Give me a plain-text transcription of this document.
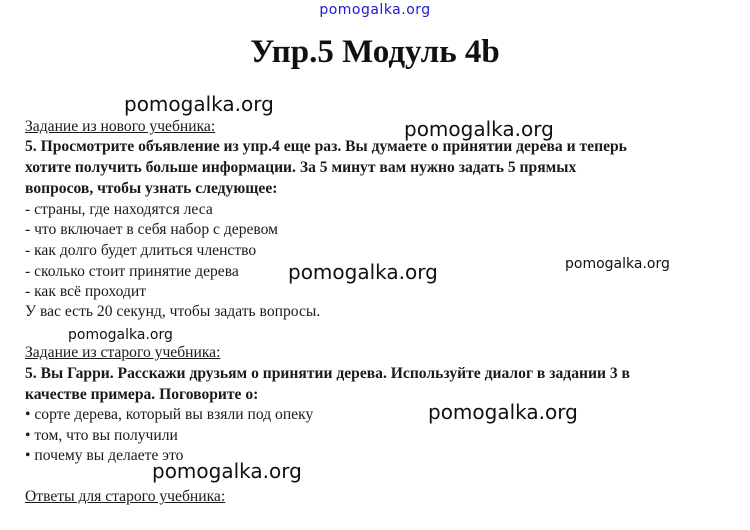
pomogalka.org
Упр.5 Модуль 4b
Задание из нового учебника:
5. Просмотрите объявление из упр.4 еще раз. Вы думаете о принятии дерева и теперь
хотите получить больше информации. За 5 минут вам нужно задать 5 прямых
вопросов, чтобы узнать следующее:
- страны, где находятся леса
- что включает в себя набор с деревом
- как долго будет длиться членство
- сколько стоит принятие дерева
- как всё проходит
У вас есть 20 секунд, чтобы задать вопросы.
Задание из старого учебника:
5. Вы Гарри. Расскажи друзьям о принятии дерева. Используйте диалог в задании 3 в
качестве примера. Поговорите о:
• сорте дерева, который вы взяли под опеку
• том, что вы получили
• почему вы делаете это
Ответы для старого учебника:
pomogalka.org
pomogalka.org
pomogalka.org	pomogalka.org
pomogalka.org
pomogalka.org
pomogalka.org
